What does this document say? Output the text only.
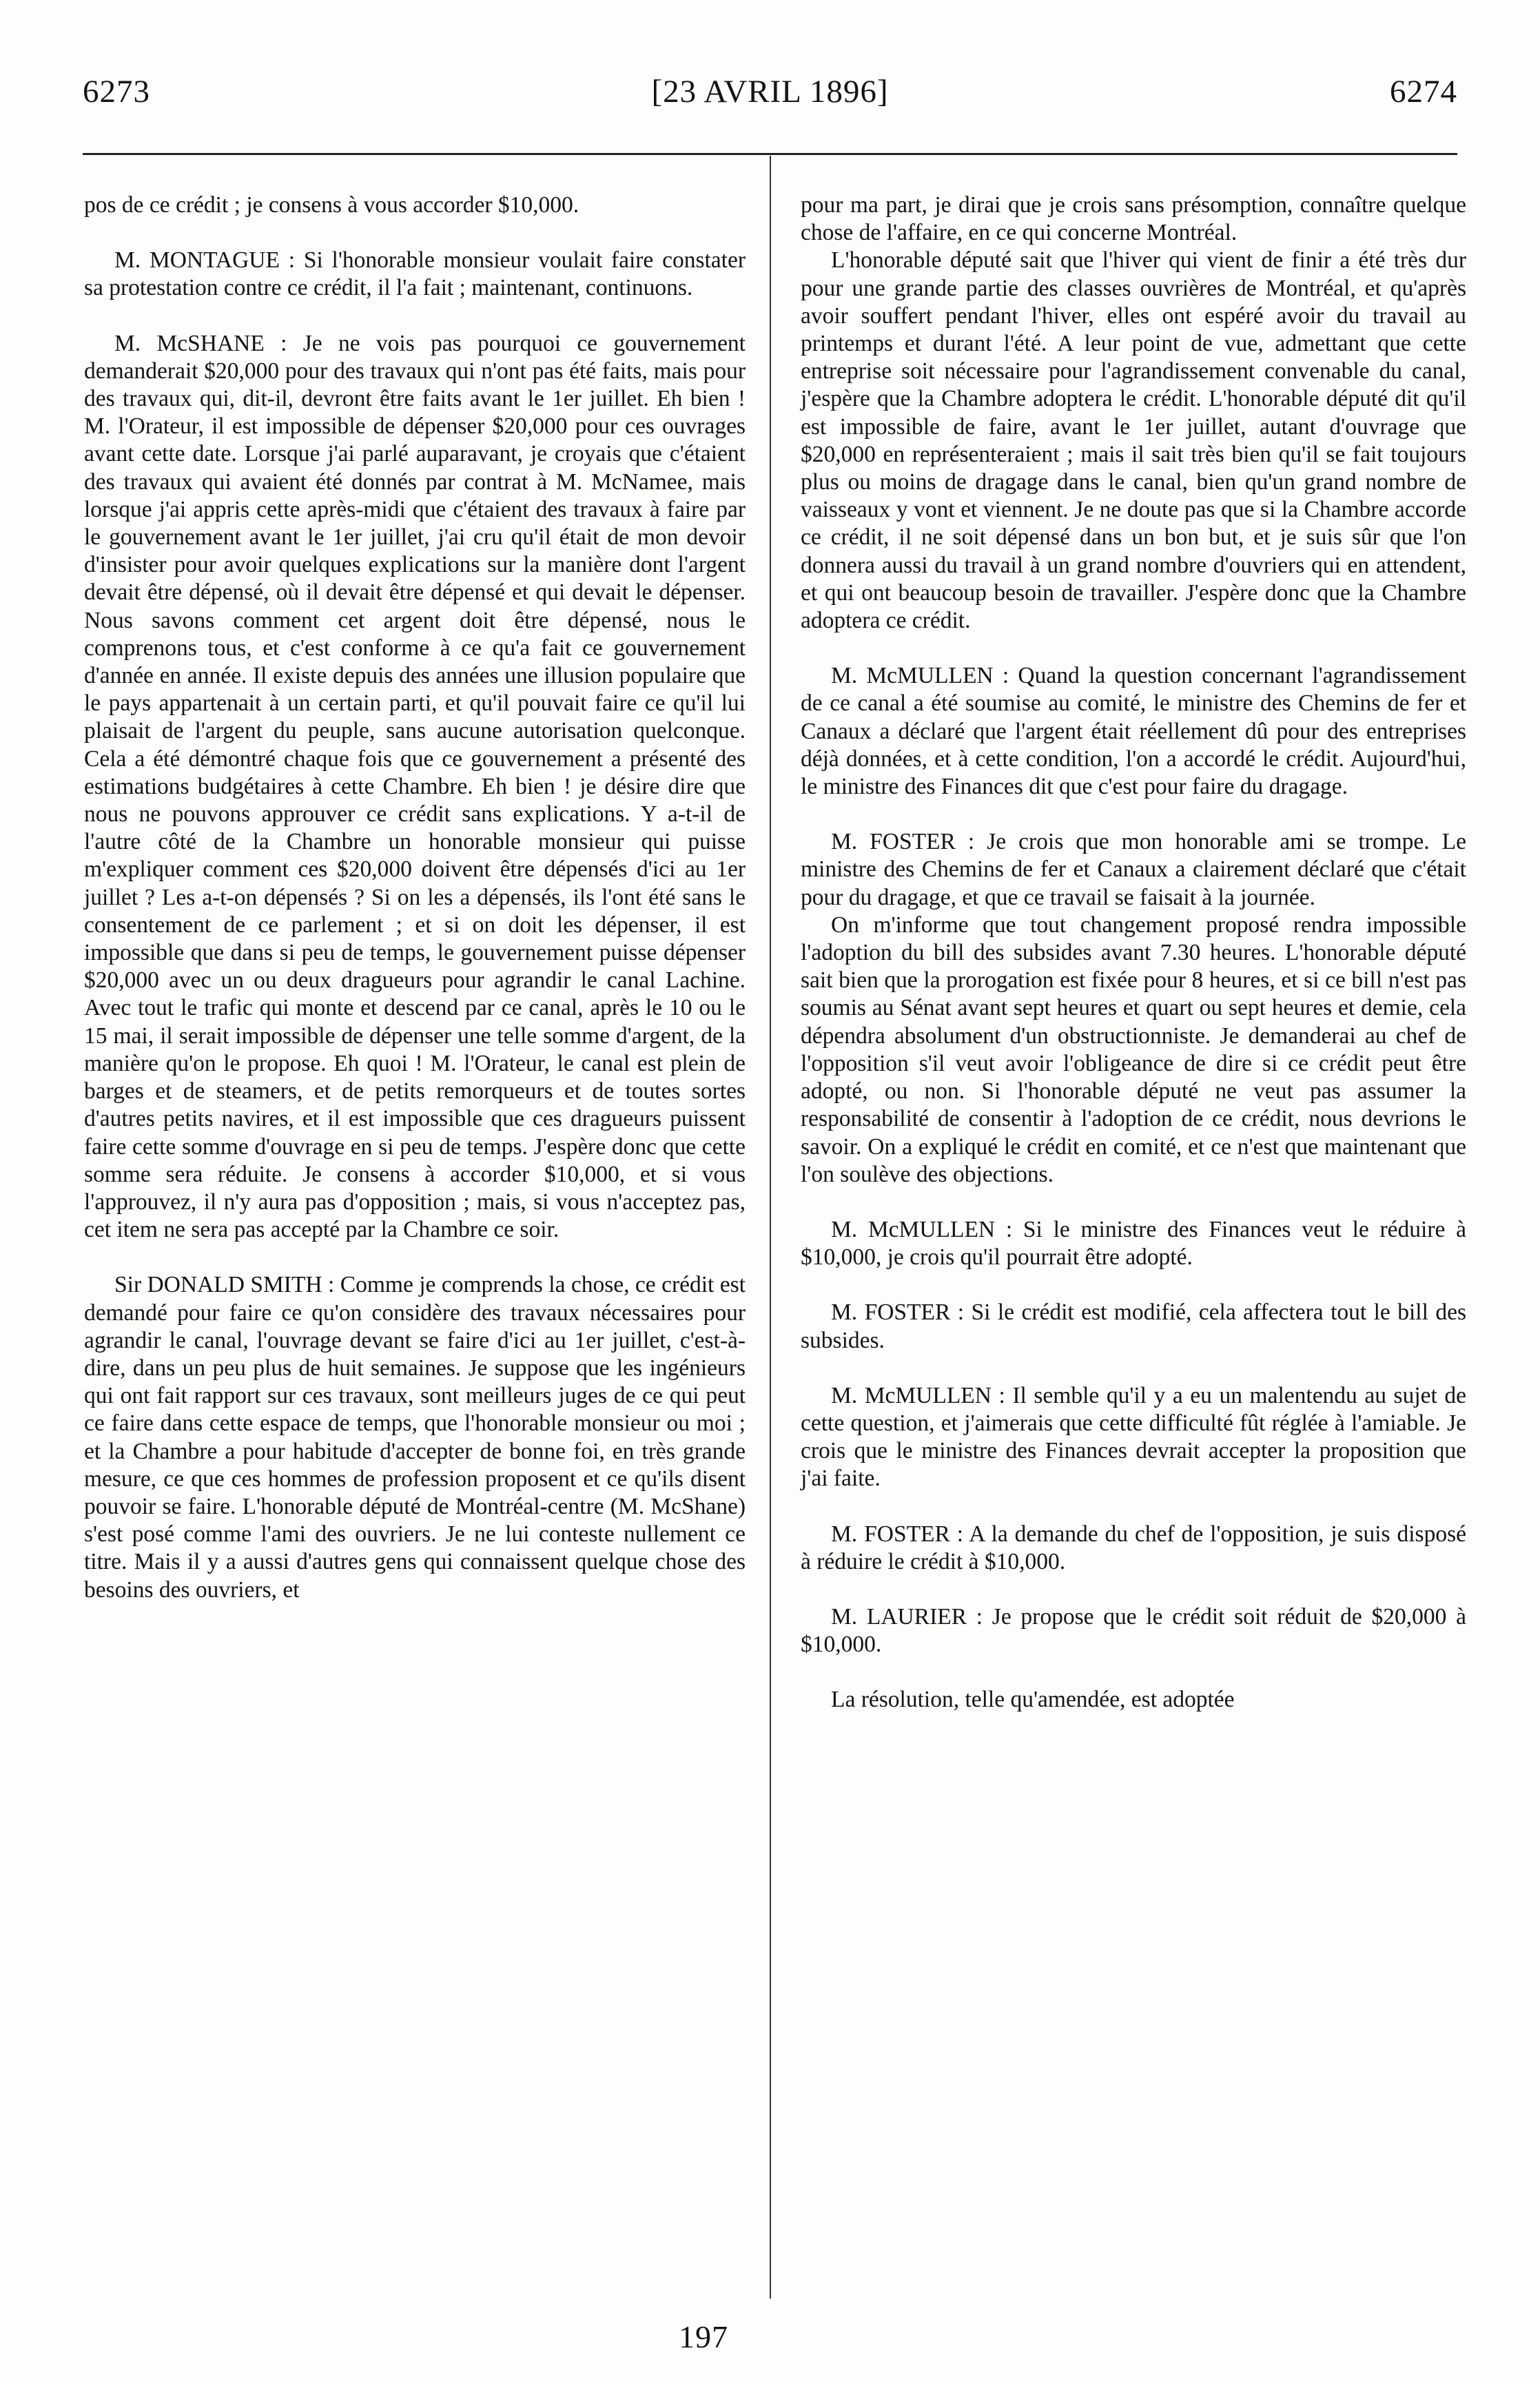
6273	[23 AVRIL 1896]	6274

pos de ce crédit ; je consens à vous accorder $10,000.

M. MONTAGUE : Si l'honorable monsieur voulait faire constater sa protestation contre ce crédit, il l'a fait ; maintenant, continuons.

M. McSHANE : Je ne vois pas pourquoi ce gouvernement demanderait $20,000 pour des travaux qui n'ont pas été faits, mais pour des travaux qui, dit-il, devront être faits avant le 1er juillet. Eh bien ! M. l'Orateur, il est impossible de dépenser $20,000 pour ces ouvrages avant cette date. Lorsque j'ai parlé auparavant, je croyais que c'étaient des travaux qui avaient été donnés par contrat à M. McNamee, mais lorsque j'ai appris cette après-midi que c'étaient des travaux à faire par le gouvernement avant le 1er juillet, j'ai cru qu'il était de mon devoir d'insister pour avoir quelques explications sur la manière dont l'argent devait être dépensé, où il devait être dépensé et qui devait le dépenser. Nous savons comment cet argent doit être dépensé, nous le comprenons tous, et c'est conforme à ce qu'a fait ce gouvernement d'année en année. Il existe depuis des années une illusion populaire que le pays appartenait à un certain parti, et qu'il pouvait faire ce qu'il lui plaisait de l'argent du peuple, sans aucune autorisation quelconque. Cela a été démontré chaque fois que ce gouvernement a présenté des estimations budgétaires à cette Chambre. Eh bien ! je désire dire que nous ne pouvons approuver ce crédit sans explications. Y a-t-il de l'autre côté de la Chambre un honorable monsieur qui puisse m'expliquer comment ces $20,000 doivent être dépensés d'ici au 1er juillet ? Les a-t-on dépensés ? Si on les a dépensés, ils l'ont été sans le consentement de ce parlement ; et si on doit les dépenser, il est impossible que dans si peu de temps, le gouvernement puisse dépenser $20,000 avec un ou deux dragueurs pour agrandir le canal Lachine. Avec tout le trafic qui monte et descend par ce canal, après le 10 ou le 15 mai, il serait impossible de dépenser une telle somme d'argent, de la manière qu'on le propose. Eh quoi ! M. l'Orateur, le canal est plein de barges et de steamers, et de petits remorqueurs et de toutes sortes d'autres petits navires, et il est impossible que ces dragueurs puissent faire cette somme d'ouvrage en si peu de temps. J'espère donc que cette somme sera réduite. Je consens à accorder $10,000, et si vous l'approuvez, il n'y aura pas d'opposition ; mais, si vous n'acceptez pas, cet item ne sera pas accepté par la Chambre ce soir.

Sir DONALD SMITH : Comme je comprends la chose, ce crédit est demandé pour faire ce qu'on considère des travaux nécessaires pour agrandir le canal, l'ouvrage devant se faire d'ici au 1er juillet, c'est-à-dire, dans un peu plus de huit semaines. Je suppose que les ingénieurs qui ont fait rapport sur ces travaux, sont meilleurs juges de ce qui peut ce faire dans cette espace de temps, que l'honorable monsieur ou moi ; et la Chambre a pour habitude d'accepter de bonne foi, en très grande mesure, ce que ces hommes de profession proposent et ce qu'ils disent pouvoir se faire. L'honorable député de Montréal-centre (M. McShane) s'est posé comme l'ami des ouvriers. Je ne lui conteste nullement ce titre. Mais il y a aussi d'autres gens qui connaissent quelque chose des besoins des ouvriers, et

pour ma part, je dirai que je crois sans présomption, connaître quelque chose de l'affaire, en ce qui concerne Montréal.

L'honorable député sait que l'hiver qui vient de finir a été très dur pour une grande partie des classes ouvrières de Montréal, et qu'après avoir souffert pendant l'hiver, elles ont espéré avoir du travail au printemps et durant l'été. A leur point de vue, admettant que cette entreprise soit nécessaire pour l'agrandissement convenable du canal, j'espère que la Chambre adoptera le crédit. L'honorable député dit qu'il est impossible de faire, avant le 1er juillet, autant d'ouvrage que $20,000 en représenteraient ; mais il sait très bien qu'il se fait toujours plus ou moins de dragage dans le canal, bien qu'un grand nombre de vaisseaux y vont et viennent. Je ne doute pas que si la Chambre accorde ce crédit, il ne soit dépensé dans un bon but, et je suis sûr que l'on donnera aussi du travail à un grand nombre d'ouvriers qui en attendent, et qui ont beaucoup besoin de travailler. J'espère donc que la Chambre adoptera ce crédit.

M. McMULLEN : Quand la question concernant l'agrandissement de ce canal a été soumise au comité, le ministre des Chemins de fer et Canaux a déclaré que l'argent était réellement dû pour des entreprises déjà données, et à cette condition, l'on a accordé le crédit. Aujourd'hui, le ministre des Finances dit que c'est pour faire du dragage.

M. FOSTER : Je crois que mon honorable ami se trompe. Le ministre des Chemins de fer et Canaux a clairement déclaré que c'était pour du dragage, et que ce travail se faisait à la journée.

On m'informe que tout changement proposé rendra impossible l'adoption du bill des subsides avant 7.30 heures. L'honorable député sait bien que la prorogation est fixée pour 8 heures, et si ce bill n'est pas soumis au Sénat avant sept heures et quart ou sept heures et demie, cela dépendra absolument d'un obstructionniste. Je demanderai au chef de l'opposition s'il veut avoir l'obligeance de dire si ce crédit peut être adopté, ou non. Si l'honorable député ne veut pas assumer la responsabilité de consentir à l'adoption de ce crédit, nous devrions le savoir. On a expliqué le crédit en comité, et ce n'est que maintenant que l'on soulève des objections.

M. McMULLEN : Si le ministre des Finances veut le réduire à $10,000, je crois qu'il pourrait être adopté.

M. FOSTER : Si le crédit est modifié, cela affectera tout le bill des subsides.

M. McMULLEN : Il semble qu'il y a eu un malentendu au sujet de cette question, et j'aimerais que cette difficulté fût réglée à l'amiable. Je crois que le ministre des Finances devrait accepter la proposition que j'ai faite.

M. FOSTER : A la demande du chef de l'opposition, je suis disposé à réduire le crédit à $10,000.

M. LAURIER : Je propose que le crédit soit réduit de $20,000 à $10,000.

La résolution, telle qu'amendée, est adoptée

197
